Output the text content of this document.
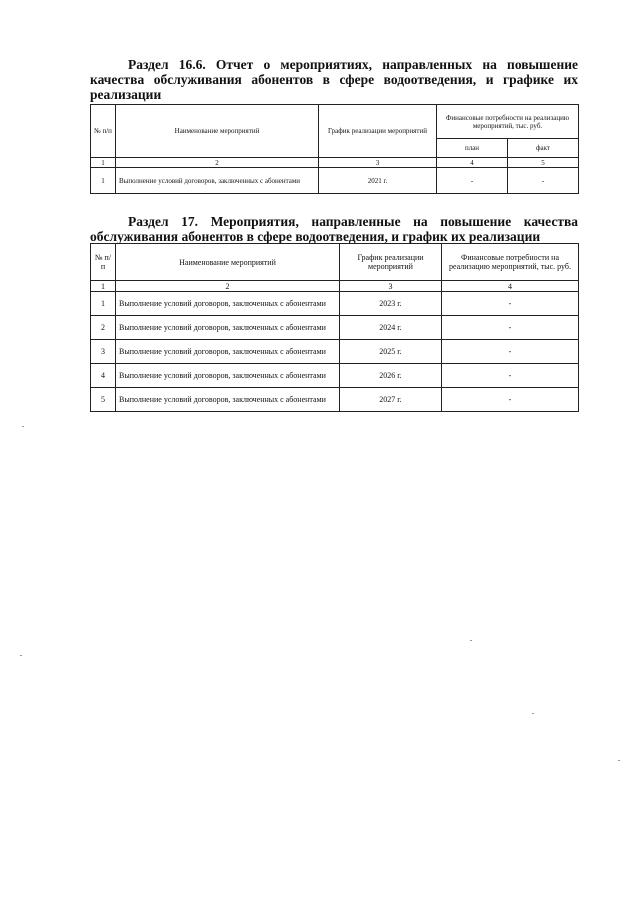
Раздел 16.6. Отчет о мероприятиях, направленных на повышение качества обслуживания абонентов в сфере водоотведения, и графике их реализации
№ п/п	Наименование мероприятий	График реализации мероприятий	Финансовые потребности на реализацию мероприятий, тыс. руб.	
			план	факт
1	2	3	4	5
1	Выполнение условий договоров, заключенных с абонентами	2021 г.	-	-
Раздел 17. Мероприятия, направленные на повышение качества обслуживания абонентов в сфере водоотведения, и график их реализации
№ п/п	Наименование мероприятий	График реализации мероприятий	Финансовые потребности на реализацию мероприятий, тыс. руб.
1	2	3	4
1	Выполнение условий договоров, заключенных с абонентами	2023 г.	-
2	Выполнение условий договоров, заключенных с абонентами	2024 г.	-
3	Выполнение условий договоров, заключенных с абонентами	2025 г.	-
4	Выполнение условий договоров, заключенных с абонентами	2026 г.	-
5	Выполнение условий договоров, заключенных с абонентами	2027 г.	-
